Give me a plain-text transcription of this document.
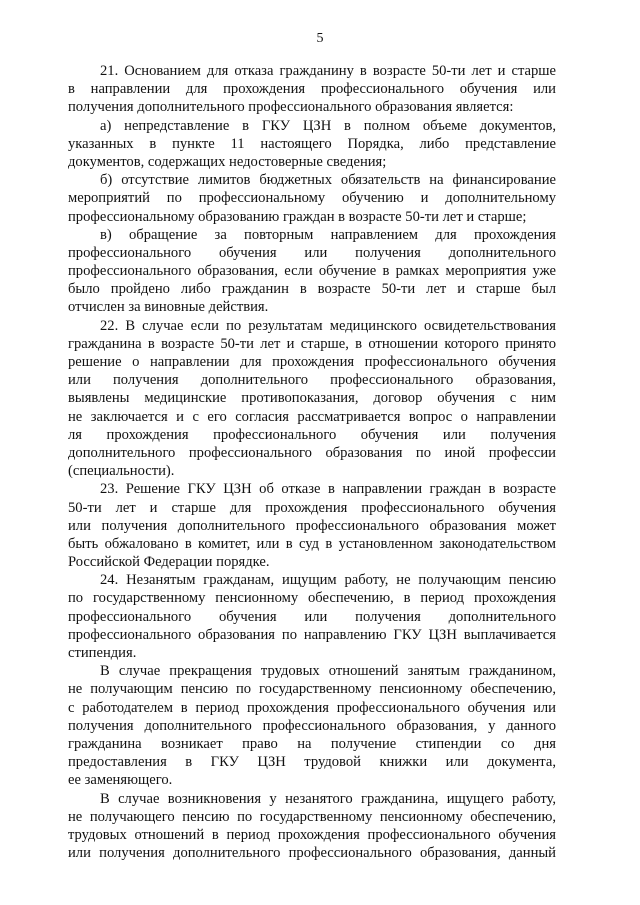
5
21. Основанием для отказа гражданину в возрасте 50-ти лет и старше
в направлении для прохождения профессионального обучения или
получения дополнительного профессионального образования является:
а) непредставление в ГКУ ЦЗН в полном объеме документов,
указанных в пункте 11 настоящего Порядка, либо представление
документов, содержащих недостоверные сведения;
б) отсутствие лимитов бюджетных обязательств на финансирование
мероприятий по профессиональному обучению и дополнительному
профессиональному образованию граждан в возрасте 50-ти лет и старше;
в) обращение за повторным направлением для прохождения
профессионального обучения или получения дополнительного
профессионального образования, если обучение в рамках мероприятия уже
было пройдено либо гражданин в возрасте 50-ти лет и старше был
отчислен за виновные действия.
22. В случае если по результатам медицинского освидетельствования
гражданина в возрасте 50-ти лет и старше, в отношении которого принято
решение о направлении для прохождения профессионального обучения
или получения дополнительного профессионального образования,
выявлены медицинские противопоказания, договор обучения с ним
не заключается и с его согласия рассматривается вопрос о направлении
ля прохождения профессионального обучения или получения
дополнительного профессионального образования по иной профессии
(специальности).
23. Решение ГКУ ЦЗН об отказе в направлении граждан в возрасте
50-ти лет и старше для прохождения профессионального обучения
или получения дополнительного профессионального образования может
быть обжаловано в комитет, или в суд в установленном законодательством
Российской Федерации порядке.
24. Незанятым гражданам, ищущим работу, не получающим пенсию
по государственному пенсионному обеспечению, в период прохождения
профессионального обучения или получения дополнительного
профессионального образования по направлению ГКУ ЦЗН выплачивается
стипендия.
В случае прекращения трудовых отношений занятым гражданином,
не получающим пенсию по государственному пенсионному обеспечению,
с работодателем в период прохождения профессионального обучения или
получения дополнительного профессионального образования, у данного
гражданина возникает право на получение стипендии со дня
предоставления в ГКУ ЦЗН трудовой книжки или документа,
ее заменяющего.
В случае возникновения у незанятого гражданина, ищущего работу,
не получающего пенсию по государственному пенсионному обеспечению,
трудовых отношений в период прохождения профессионального обучения
или получения дополнительного профессионального образования, данный
